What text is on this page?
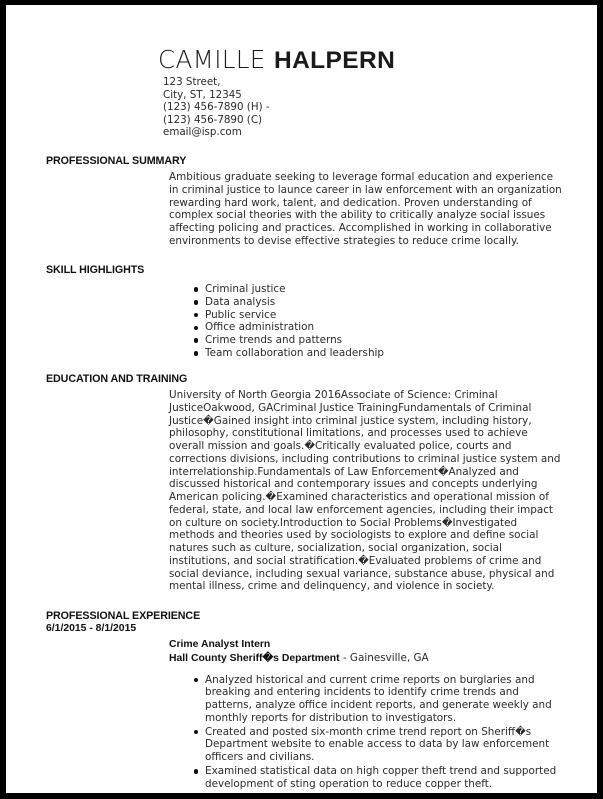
CAMILLE HALPERN
123 Street,
City, ST, 12345
(123) 456-7890 (H) -
(123) 456-7890 (C)
email@isp.com
PROFESSIONAL SUMMARY
Ambitious graduate seeking to leverage formal education and experience in criminal justice to launce career in law enforcement with an organization rewarding hard work, talent, and dedication. Proven understanding of complex social theories with the ability to critically analyze social issues affecting policing and practices. Accomplished in working in collaborative environments to devise effective strategies to reduce crime locally.
SKILL HIGHLIGHTS
Criminal justice
Data analysis
Public service
Office administration
Crime trends and patterns
Team collaboration and leadership
EDUCATION AND TRAINING
University of North Georgia 2016Associate of Science: Criminal JusticeOakwood, GACriminal Justice TrainingFundamentals of Criminal Justice�Gained insight into criminal justice system, including history, philosophy, constitutional limitations, and processes used to achieve overall mission and goals.�Critically evaluated police, courts and corrections divisions, including contributions to criminal justice system and interrelationship.Fundamentals of Law Enforcement�Analyzed and discussed historical and contemporary issues and concepts underlying American policing.�Examined characteristics and operational mission of federal, state, and local law enforcement agencies, including their impact on culture on society.Introduction to Social Problems�Investigated methods and theories used by sociologists to explore and define social natures such as culture, socialization, social organization, social institutions, and social stratification.�Evaluated problems of crime and social deviance, including sexual variance, substance abuse, physical and mental illness, crime and delinquency, and violence in society.
PROFESSIONAL EXPERIENCE
6/1/2015 - 8/1/2015
Crime Analyst Intern
Hall County Sheriff�s Department - Gainesville, GA
Analyzed historical and current crime reports on burglaries and breaking and entering incidents to identify crime trends and patterns, analyze office incident reports, and generate weekly and monthly reports for distribution to investigators.
Created and posted six-month crime trend report on Sheriff�s Department website to enable access to data by law enforcement officers and civilians.
Examined statistical data on high copper theft trend and supported development of sting operation to reduce copper theft.
